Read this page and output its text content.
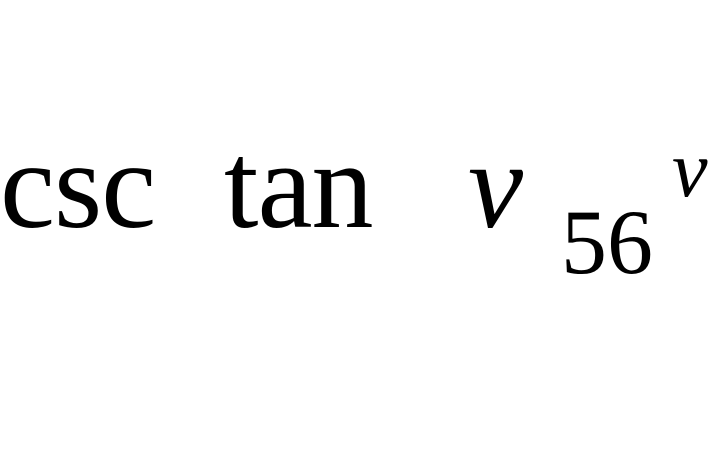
csc tan v 56
v
